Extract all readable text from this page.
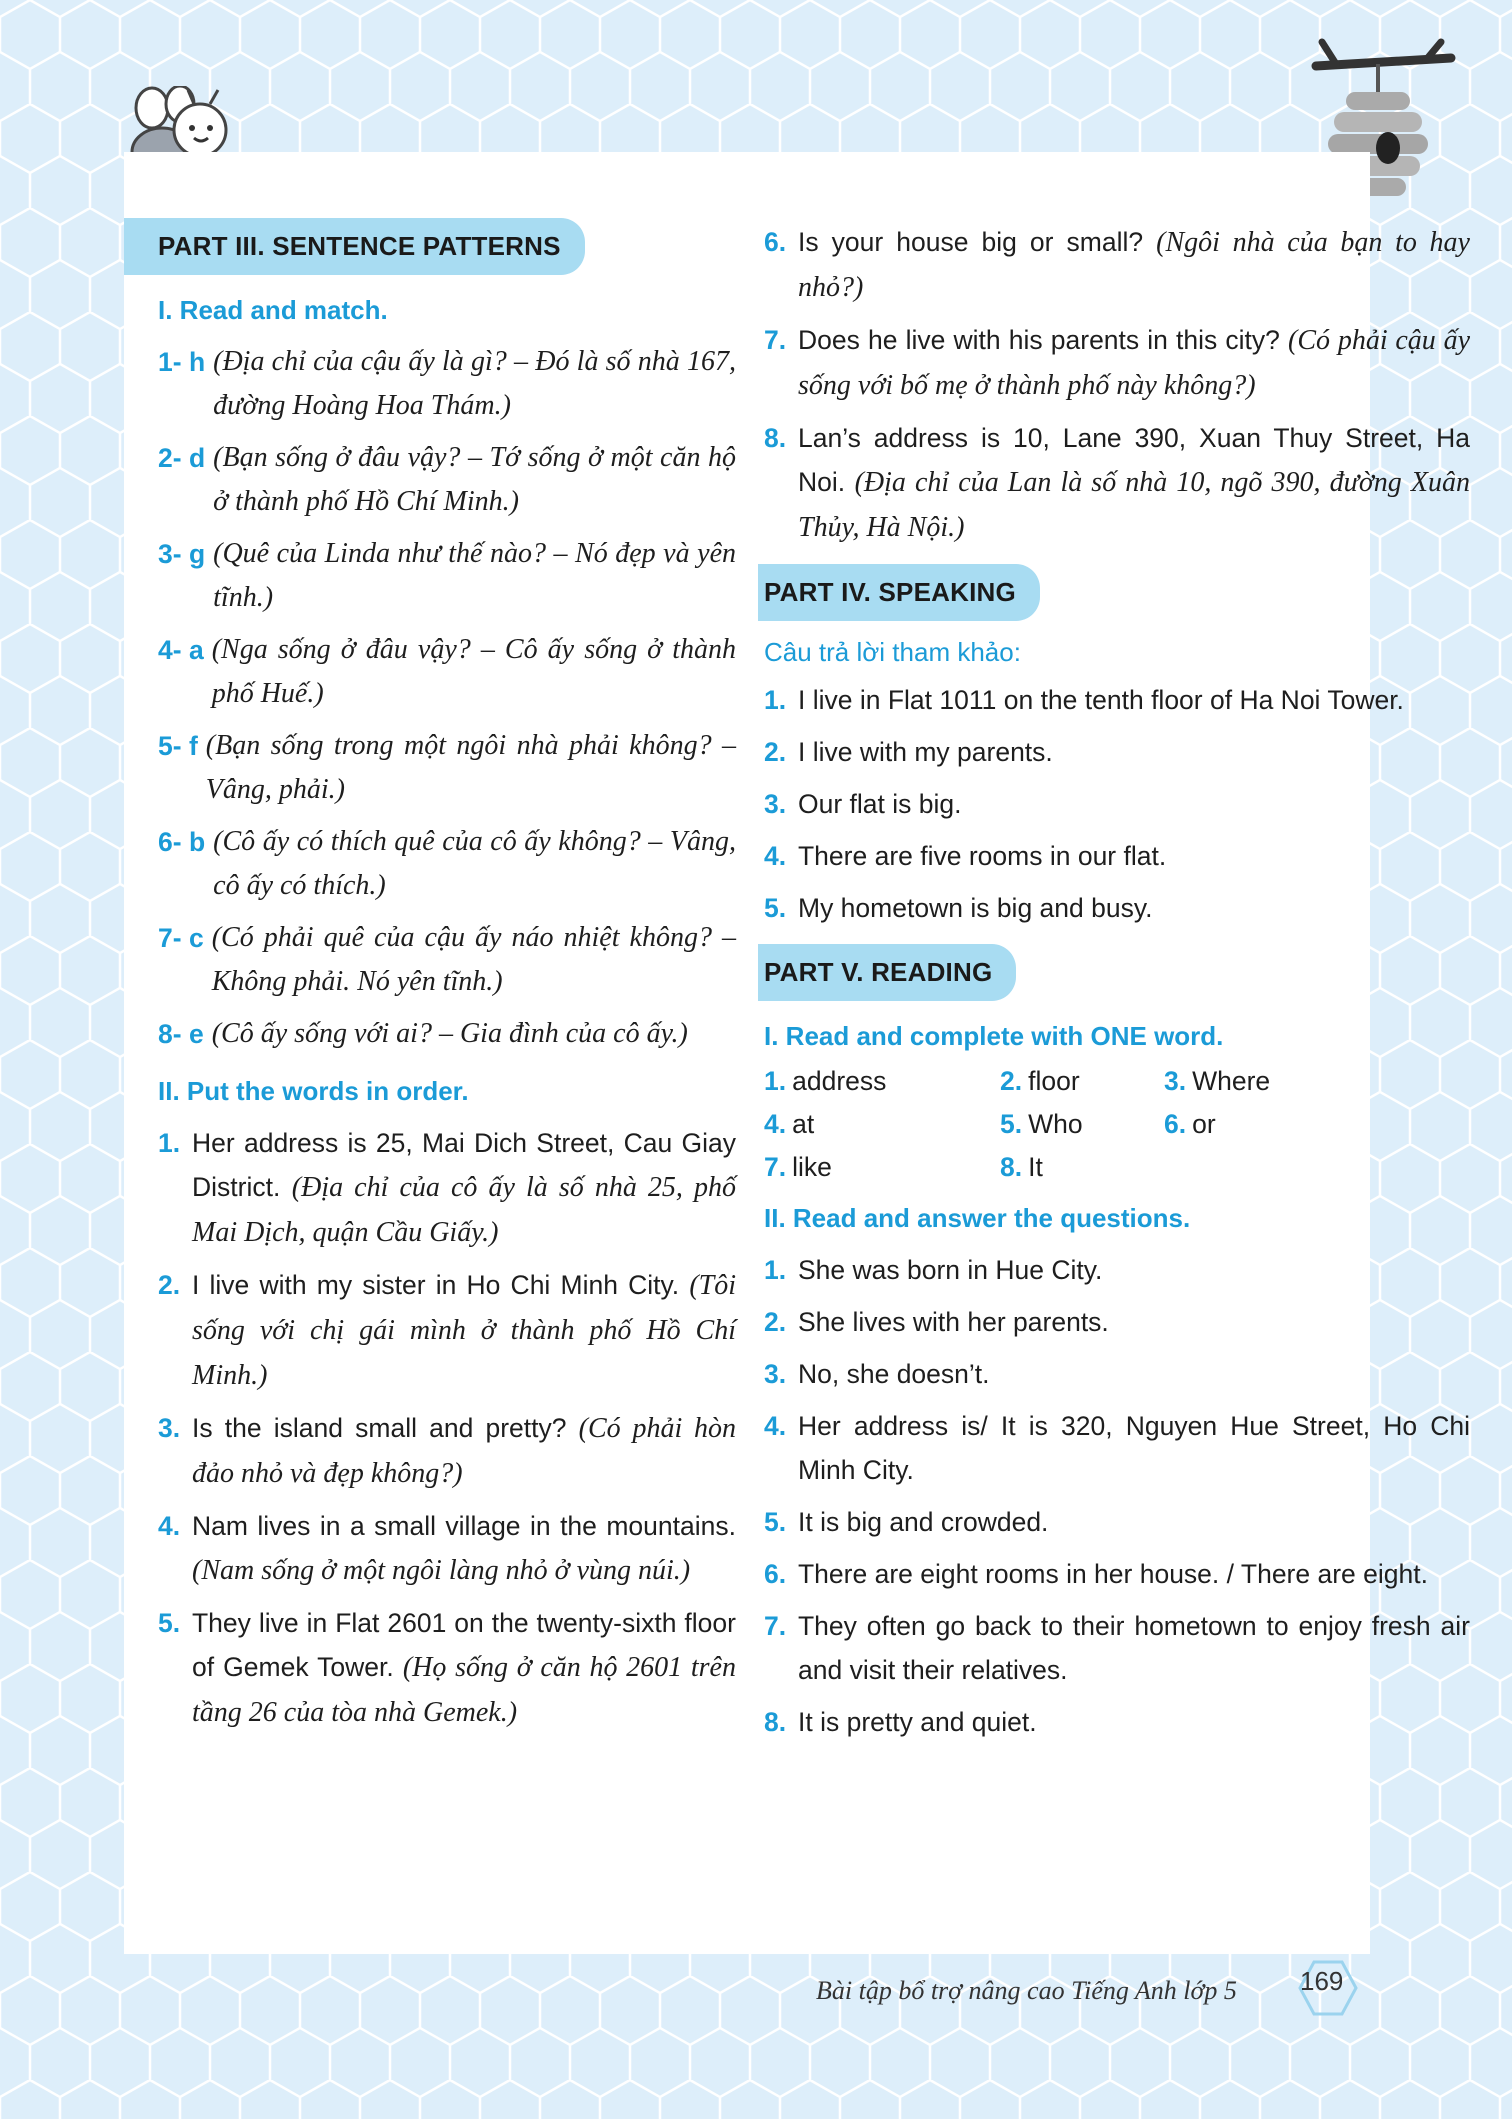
PART III. SENTENCE PATTERNS
I. Read and match.
1- h (Địa chỉ của cậu ấy là gì? – Đó là số nhà 167, đường Hoàng Hoa Thám.)
2- d (Bạn sống ở đâu vậy? – Tớ sống ở một căn hộ ở thành phố Hồ Chí Minh.)
3- g (Quê của Linda như thế nào? – Nó đẹp và yên tĩnh.)
4- a (Nga sống ở đâu vậy? – Cô ấy sống ở thành phố Huế.)
5- f (Bạn sống trong một ngôi nhà phải không? – Vâng, phải.)
6- b (Cô ấy có thích quê của cô ấy không? – Vâng, cô ấy có thích.)
7- c (Có phải quê của cậu ấy náo nhiệt không? – Không phải. Nó yên tĩnh.)
8- e (Cô ấy sống với ai? – Gia đình của cô ấy.)
II. Put the words in order.
1. Her address is 25, Mai Dich Street, Cau Giay District. (Địa chỉ của cô ấy là số nhà 25, phố Mai Dịch, quận Cầu Giấy.)
2. I live with my sister in Ho Chi Minh City. (Tôi sống với chị gái mình ở thành phố Hồ Chí Minh.)
3. Is the island small and pretty? (Có phải hòn đảo nhỏ và đẹp không?)
4. Nam lives in a small village in the mountains. (Nam sống ở một ngôi làng nhỏ ở vùng núi.)
5. They live in Flat 2601 on the twenty-sixth floor of Gemek Tower. (Họ sống ở căn hộ 2601 trên tầng 26 của tòa nhà Gemek.)
6. Is your house big or small? (Ngôi nhà của bạn to hay nhỏ?)
7. Does he live with his parents in this city? (Có phải cậu ấy sống với bố mẹ ở thành phố này không?)
8. Lan’s address is 10, Lane 390, Xuan Thuy Street, Ha Noi. (Địa chỉ của Lan là số nhà 10, ngõ 390, đường Xuân Thủy, Hà Nội.)
PART IV. SPEAKING
Câu trả lời tham khảo:
1. I live in Flat 1011 on the tenth floor of Ha Noi Tower.
2. I live with my parents.
3. Our flat is big.
4. There are five rooms in our flat.
5. My hometown is big and busy.
PART V. READING
I. Read and complete with ONE word.
1. address	2. floor	3. Where
4. at	5. Who	6. or
7. like	8. It
II. Read and answer the questions.
1. She was born in Hue City.
2. She lives with her parents.
3. No, she doesn’t.
4. Her address is/ It is 320, Nguyen Hue Street, Ho Chi Minh City.
5. It is big and crowded.
6. There are eight rooms in her house. / There are eight.
7. They often go back to their hometown to enjoy fresh air and visit their relatives.
8. It is pretty and quiet.
Bài tập bổ trợ nâng cao Tiếng Anh lớp 5 169
